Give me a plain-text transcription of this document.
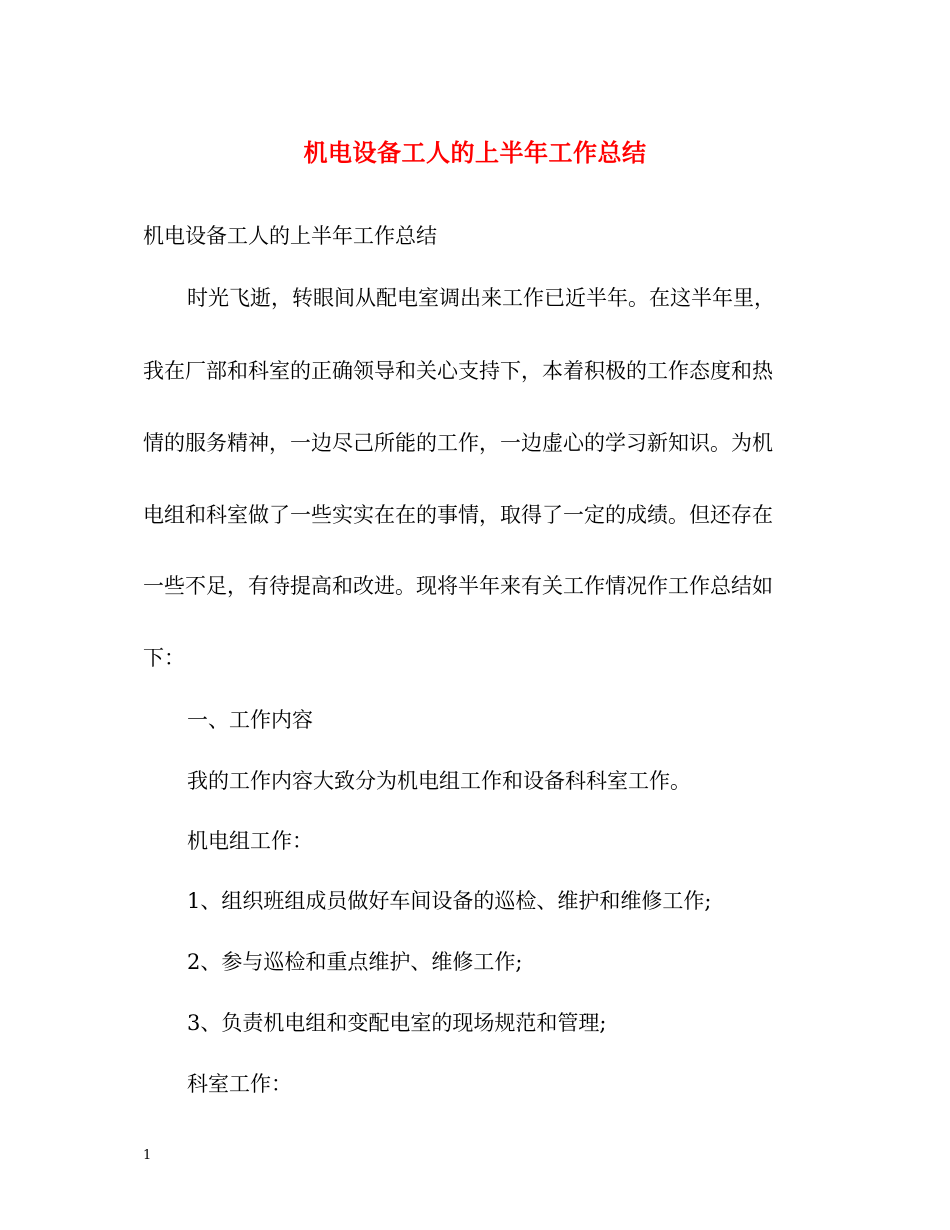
机电设备工人的上半年工作总结
机电设备工人的上半年工作总结
时光飞逝，转眼间从配电室调出来工作已近半年。在这半年里，
我在厂部和科室的正确领导和关心支持下，本着积极的工作态度和热
情的服务精神，一边尽己所能的工作，一边虚心的学习新知识。为机
电组和科室做了一些实实在在的事情，取得了一定的成绩。但还存在
一些不足，有待提高和改进。现将半年来有关工作情况作工作总结如
下：
一、工作内容
我的工作内容大致分为机电组工作和设备科科室工作。
机电组工作：
1、组织班组成员做好车间设备的巡检、维护和维修工作;
2、参与巡检和重点维护、维修工作;
3、负责机电组和变配电室的现场规范和管理;
科室工作：
1
